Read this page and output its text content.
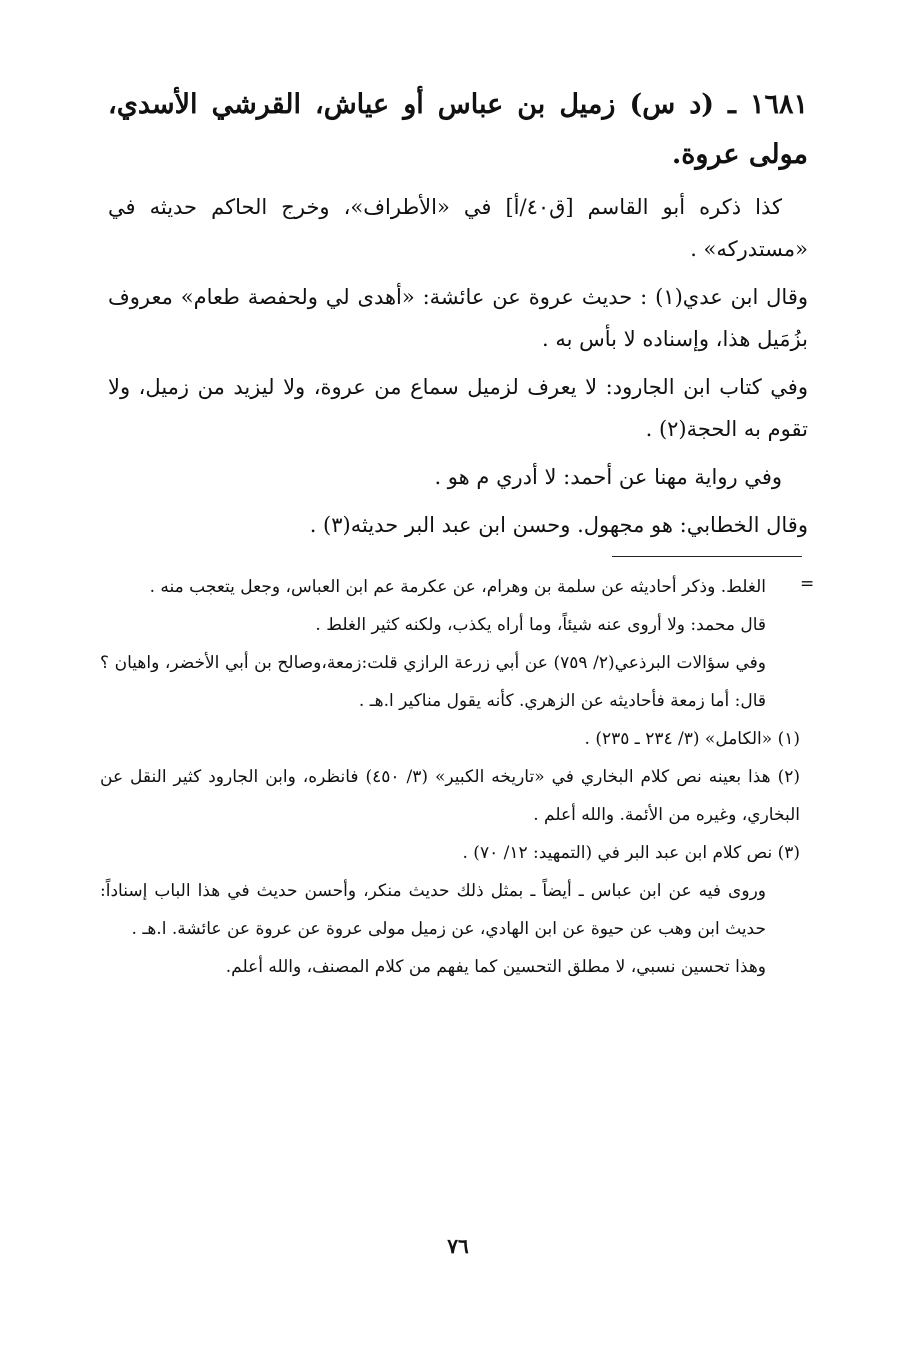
١٦٨١ ـ (د س) زميل بن عباس أو عياش، القرشي الأسدي، مولى عروة.

كذا ذكره أبو القاسم [ق٤٠/أ] في «الأطراف»، وخرج الحاكم حديثه في «مستدركه» .

وقال ابن عدي(١) : حديث عروة عن عائشة: «أهدى لي ولحفصة طعام» معروف بزُمَيل هذا، وإسناده لا بأس به .

وفي كتاب ابن الجارود: لا يعرف لزميل سماع من عروة، ولا ليزيد من زميل، ولا تقوم به الحجة(٢) .

وفي رواية مهنا عن أحمد: لا أدري م هو .

وقال الخطابي: هو مجهول. وحسن ابن عبد البر حديثه(٣) .

=

الغلط. وذكر أحاديثه عن سلمة بن وهرام، عن عكرمة عم ابن العباس، وجعل يتعجب منه .

قال محمد: ولا أروى عنه شيئاً، وما أراه يكذب، ولكنه كثير الغلط .

وفي سؤالات البرذعي(٢/ ٧٥٩) عن أبي زرعة الرازي قلت:زمعة،وصالح بن أبي الأخضر، واهيان ؟ قال: أما زمعة فأحاديثه عن الزهري. كأنه يقول مناكير ا.هـ .

(١) «الكامل» (٣/ ٢٣٤ ـ ٢٣٥) .

(٢) هذا بعينه نص كلام البخاري في «تاريخه الكبير» (٣/ ٤٥٠) فانظره، وابن الجارود كثير النقل عن البخاري، وغيره من الأئمة. والله أعلم .

(٣) نص كلام ابن عبد البر في (التمهيد: ١٢/ ٧٠) .

وروى فيه عن ابن عباس ـ أيضاً ـ بمثل ذلك حديث منكر، وأحسن حديث في هذا الباب إسناداً: حديث ابن وهب عن حيوة عن ابن الهادي، عن زميل مولى عروة عن عروة عن عائشة. ا.هـ .

وهذا تحسين نسبي، لا مطلق التحسين كما يفهم من كلام المصنف، والله أعلم.

٧٦
